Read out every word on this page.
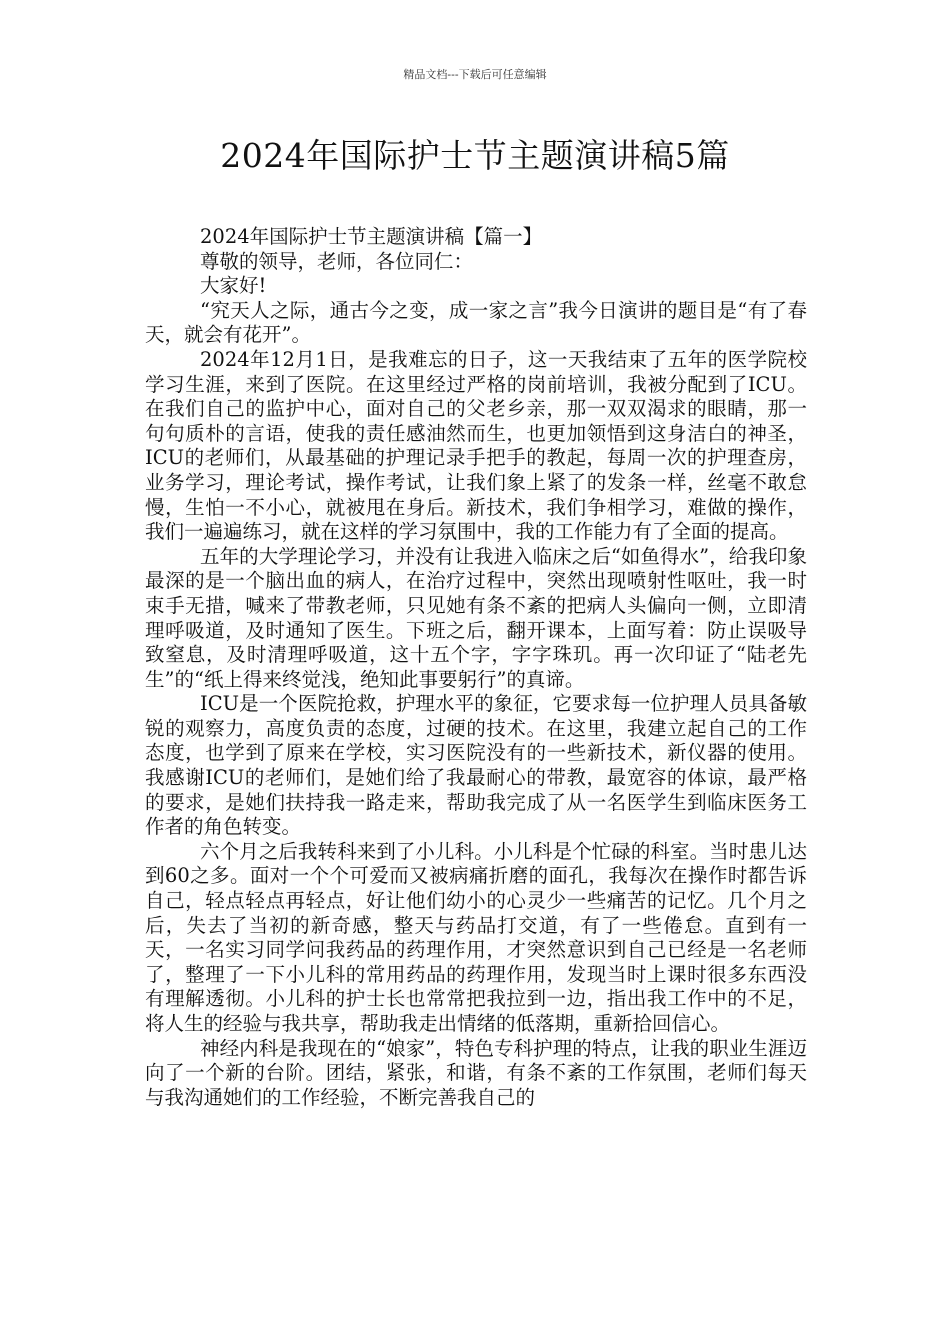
精品文档---下载后可任意编辑
2024年国际护士节主题演讲稿5篇

2024年国际护士节主题演讲稿【篇一】

尊敬的领导，老师，各位同仁：

大家好!

“究天人之际，通古今之变，成一家之言”我今日演讲的题目是“有了春天，就会有花开”。

2024年12月1日，是我难忘的日子，这一天我结束了五年的医学院校学习生涯，来到了医院。在这里经过严格的岗前培训，我被分配到了ICU。在我们自己的监护中心，面对自己的父老乡亲，那一双双渴求的眼睛，那一句句质朴的言语，使我的责任感油然而生，也更加领悟到这身洁白的神圣，ICU的老师们，从最基础的护理记录手把手的教起，每周一次的护理查房，业务学习，理论考试，操作考试，让我们象上紧了的发条一样，丝毫不敢怠慢，生怕一不小心，就被甩在身后。新技术，我们争相学习，难做的操作，我们一遍遍练习，就在这样的学习氛围中，我的工作能力有了全面的提高。

五年的大学理论学习，并没有让我进入临床之后“如鱼得水”，给我印象最深的是一个脑出血的病人，在治疗过程中，突然出现喷射性呕吐，我一时束手无措，喊来了带教老师，只见她有条不紊的把病人头偏向一侧，立即清理呼吸道，及时通知了医生。下班之后，翻开课本，上面写着：防止误吸导致窒息，及时清理呼吸道，这十五个字，字字珠玑。再一次印证了“陆老先生”的“纸上得来终觉浅，绝知此事要躬行”的真谛。

ICU是一个医院抢救，护理水平的象征，它要求每一位护理人员具备敏锐的观察力，高度负责的态度，过硬的技术。在这里，我建立起自己的工作态度，也学到了原来在学校，实习医院没有的一些新技术，新仪器的使用。我感谢ICU的老师们，是她们给了我最耐心的带教，最宽容的体谅，最严格的要求，是她们扶持我一路走来，帮助我完成了从一名医学生到临床医务工作者的角色转变。

六个月之后我转科来到了小儿科。小儿科是个忙碌的科室。当时患儿达到60之多。面对一个个可爱而又被病痛折磨的面孔，我每次在操作时都告诉自己，轻点轻点再轻点，好让他们幼小的心灵少一些痛苦的记忆。几个月之后，失去了当初的新奇感，整天与药品打交道，有了一些倦怠。直到有一天，一名实习同学问我药品的药理作用，才突然意识到自己已经是一名老师了，整理了一下小儿科的常用药品的药理作用，发现当时上课时很多东西没有理解透彻。小儿科的护士长也常常把我拉到一边，指出我工作中的不足，将人生的经验与我共享，帮助我走出情绪的低落期，重新拾回信心。

神经内科是我现在的“娘家”，特色专科护理的特点，让我的职业生涯迈向了一个新的台阶。团结，紧张，和谐，有条不紊的工作氛围，老师们每天与我沟通她们的工作经验，不断完善我自己的
